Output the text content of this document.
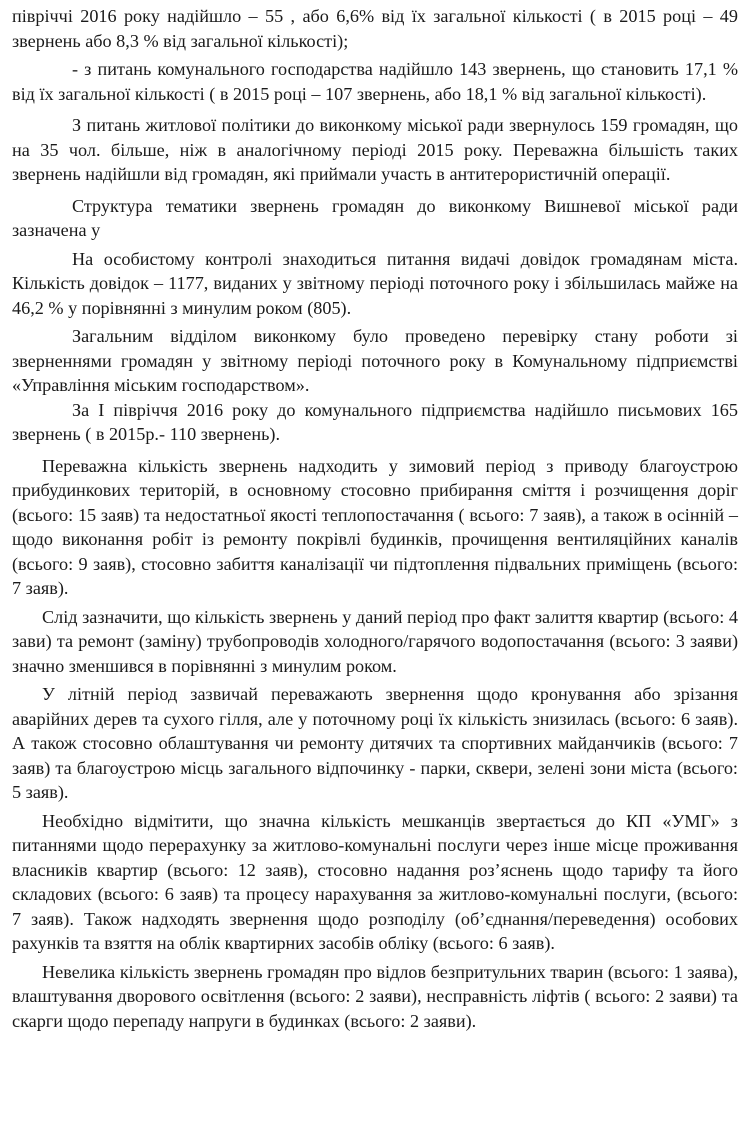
півріччі 2016 року надійшло – 55 , або 6,6% від їх загальної кількості ( в 2015 році – 49 звернень або 8,3 % від загальної кількості);

- з питань комунального господарства надійшло 143 звернень, що становить 17,1 % від їх загальної кількості ( в 2015 році – 107 звернень, або 18,1 % від загальної кількості).

З питань житлової політики до виконкому міської ради звернулось 159 громадян, що на 35 чол. більше, ніж в аналогічному періоді 2015 року. Переважна більшість таких звернень надійшли від громадян, які приймали участь в антитерористичній операції.

Структура тематики звернень громадян до виконкому Вишневої міської ради зазначена у

На особистому контролі знаходиться питання видачі довідок громадянам міста. Кількість довідок – 1177, виданих у звітному періоді поточного року і збільшилась майже на 46,2 % у порівнянні з минулим роком (805).

Загальним відділом виконкому було проведено перевірку стану роботи зі зверненнями громадян у звітному періоді поточного року в Комунальному підприємстві «Управління міським господарством».

За І півріччя 2016 року до комунального підприємства надійшло письмових 165 звернень ( в 2015р.- 110 звернень).

Переважна кількість звернень надходить у зимовий період з приводу благоустрою прибудинкових територій, в основному стосовно прибирання сміття і розчищення доріг (всього: 15 заяв) та недостатньої якості теплопостачання ( всього: 7 заяв), а також в осінній – щодо виконання робіт із ремонту покрівлі будинків, прочищення вентиляційних каналів (всього: 9 заяв), стосовно забиття каналізації чи підтоплення підвальних приміщень (всього: 7 заяв).

Слід зазначити, що кількість звернень у даний період про факт залиття квартир (всього: 4 зави) та ремонт (заміну) трубопроводів холодного/гарячого водопостачання (всього: 3 заяви) значно зменшився в порівнянні з минулим роком.

У літній період зазвичай переважають звернення щодо кронування або зрізання аварійних дерев та сухого гілля, але у поточному році їх кількість знизилась (всього: 6 заяв). А також стосовно облаштування чи ремонту дитячих та спортивних майданчиків (всього: 7 заяв) та благоустрою місць загального відпочинку - парки, сквери, зелені зони міста (всього: 5 заяв).

Необхідно відмітити, що значна кількість мешканців звертається до КП «УМГ» з питаннями щодо перерахунку за житлово-комунальні послуги через інше місце проживання власників квартир (всього: 12 заяв), стосовно надання роз’яснень щодо тарифу та його складових (всього: 6 заяв) та процесу нарахування за житлово-комунальні послуги, (всього: 7 заяв). Також надходять звернення щодо розподілу (об’єднання/переведення) особових рахунків та взяття на облік квартирних засобів обліку (всього: 6 заяв).

Невелика кількість звернень громадян про відлов безпритульних тварин (всього: 1 заява), влаштування дворового освітлення (всього: 2 заяви), несправність ліфтів ( всього: 2 заяви) та скарги щодо перепаду напруги в будинках (всього: 2 заяви).
